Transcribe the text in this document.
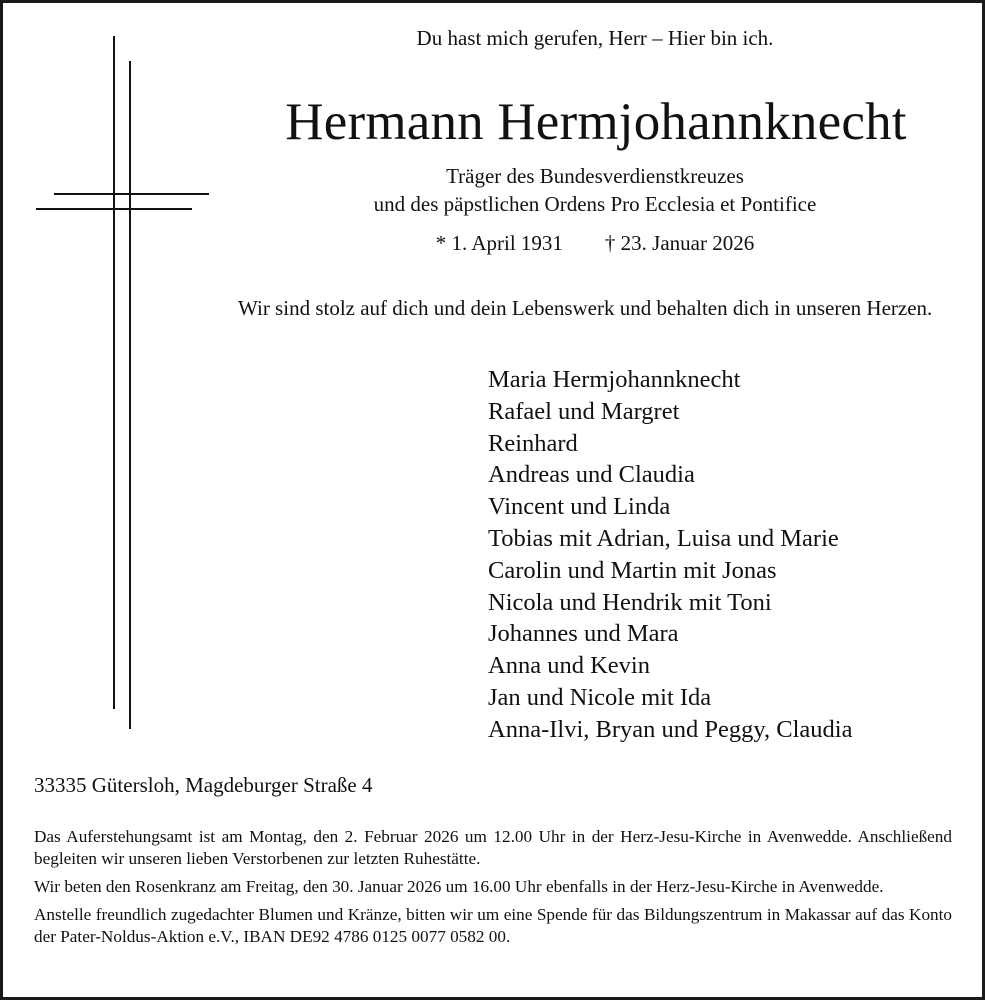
Du hast mich gerufen, Herr – Hier bin ich.
Hermann Hermjohannknecht
Träger des Bundesverdienstkreuzes
und des päpstlichen Ordens Pro Ecclesia et Pontifice
* 1. April 1931 † 23. Januar 2026
Wir sind stolz auf dich und dein Lebenswerk und behalten dich in unseren Herzen.
Maria Hermjohannknecht
Rafael und Margret
Reinhard
Andreas und Claudia
Vincent und Linda
Tobias mit Adrian, Luisa und Marie
Carolin und Martin mit Jonas
Nicola und Hendrik mit Toni
Johannes und Mara
Anna und Kevin
Jan und Nicole mit Ida
Anna-Ilvi, Bryan und Peggy, Claudia
33335 Gütersloh, Magdeburger Straße 4

Das Auferstehungsamt ist am Montag, den 2. Februar 2026 um 12.00 Uhr in der Herz-Jesu-Kirche in Avenwedde. Anschließend begleiten wir unseren lieben Verstorbenen zur letzten Ruhestätte.

Wir beten den Rosenkranz am Freitag, den 30. Januar 2026 um 16.00 Uhr ebenfalls in der Herz-Jesu-Kirche in Avenwedde.

Anstelle freundlich zugedachter Blumen und Kränze, bitten wir um eine Spende für das Bildungszentrum in Makassar auf das Konto der Pater-Noldus-Aktion e.V., IBAN DE92 4786 0125 0077 0582 00.
